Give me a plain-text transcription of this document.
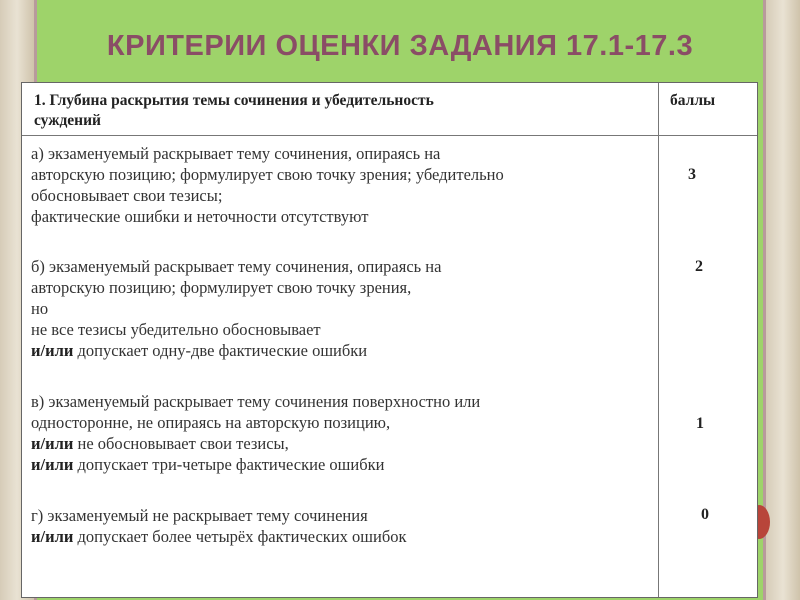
КРИТЕРИИ ОЦЕНКИ ЗАДАНИЯ 17.1-17.3
1. Глубина раскрытия темы сочинения и убедительность
суждений
баллы
а) экзаменуемый раскрывает тему сочинения, опираясь на
авторскую позицию; формулирует свою точку зрения; убедительно
обосновывает свои тезисы;
фактические ошибки и неточности отсутствуют
3
б) экзаменуемый раскрывает тему сочинения, опираясь на
авторскую позицию; формулирует свою точку зрения,
но
не все тезисы убедительно обосновывает
и/или допускает одну-две фактические ошибки
2
в) экзаменуемый раскрывает тему сочинения поверхностно или
односторонне, не опираясь на авторскую позицию,
и/или не обосновывает свои тезисы,
и/или допускает три-четыре фактические ошибки
1
г) экзаменуемый не раскрывает тему сочинения
и/или допускает более четырёх фактических ошибок
0
